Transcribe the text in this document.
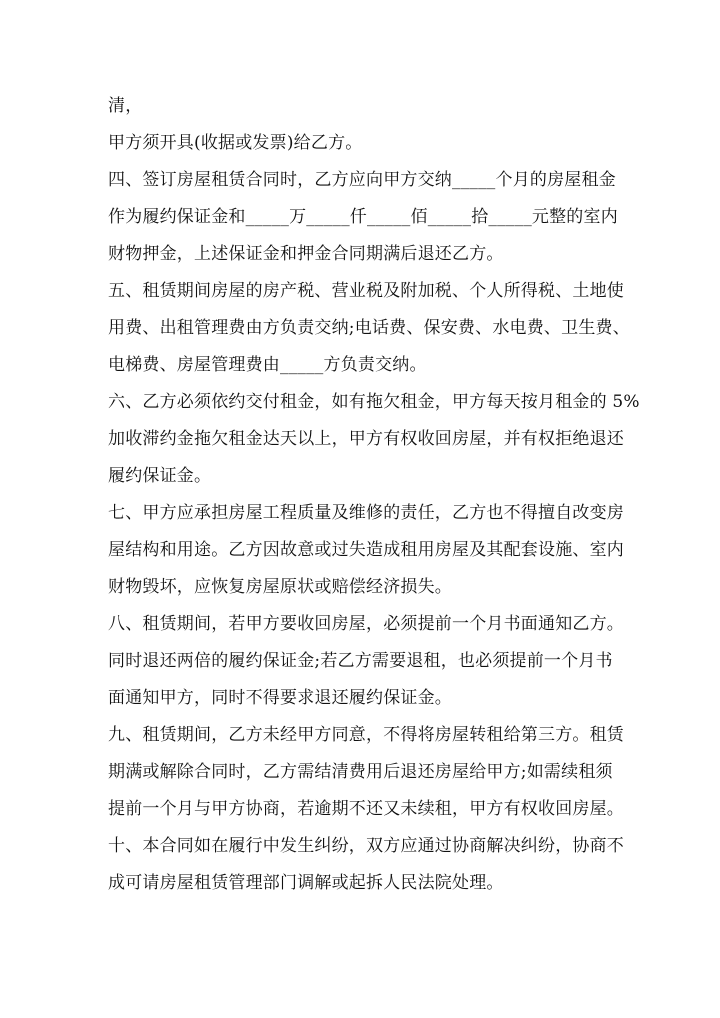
清，
甲方须开具(收据或发票)给乙方。
四、签订房屋租赁合同时，乙方应向甲方交纳_____个月的房屋租金
作为履约保证金和_____万_____仟_____佰_____拾_____元整的室内
财物押金，上述保证金和押金合同期满后退还乙方。
五、租赁期间房屋的房产税、营业税及附加税、个人所得税、土地使
用费、出租管理费由方负责交纳;电话费、保安费、水电费、卫生费、
电梯费、房屋管理费由_____方负责交纳。
六、乙方必须依约交付租金，如有拖欠租金，甲方每天按月租金的 5%
加收滞约金拖欠租金达天以上，甲方有权收回房屋，并有权拒绝退还
履约保证金。
七、甲方应承担房屋工程质量及维修的责任，乙方也不得擅自改变房
屋结构和用途。乙方因故意或过失造成租用房屋及其配套设施、室内
财物毁坏，应恢复房屋原状或赔偿经济损失。
八、租赁期间，若甲方要收回房屋，必须提前一个月书面通知乙方。
同时退还两倍的履约保证金;若乙方需要退租，也必须提前一个月书
面通知甲方，同时不得要求退还履约保证金。
九、租赁期间，乙方未经甲方同意，不得将房屋转租给第三方。租赁
期满或解除合同时，乙方需结清费用后退还房屋给甲方;如需续租须
提前一个月与甲方协商，若逾期不还又未续租，甲方有权收回房屋。
十、本合同如在履行中发生纠纷，双方应通过协商解决纠纷，协商不
成可请房屋租赁管理部门调解或起拆人民法院处理。
